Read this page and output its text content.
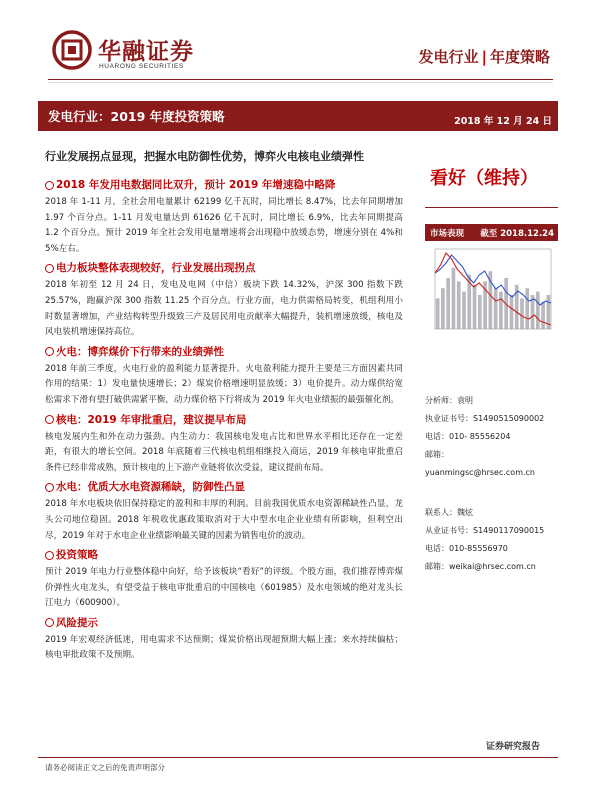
华融证券
HUARONG SECURITIES
发电行业 | 年度策略
发电行业：2019 年度投资策略	2018 年 12 月 24 日
行业发展拐点显现，把握水电防御性优势，博弈火电核电业绩弹性
2018 年发用电数据同比双升，预计 2019 年增速稳中略降

2018 年 1-11 月，全社会用电量累计 62199 亿千瓦时，同比增长 8.47%，比去年同期增加 1.97 个百分点。1-11 月发电量达到 61626 亿千瓦时，同比增长 6.9%，比去年同期提高 1.2 个百分点。预计 2019 年全社会发用电量增速将会出现稳中放缓态势，增速分别在 4%和 5%左右。

电力板块整体表现较好，行业发展出现拐点

2018 年初至 12 月 24 日，发电及电网（中信）板块下跌 14.32%，沪深 300 指数下跌 25.57%，跑赢沪深 300 指数 11.25 个百分点。行业方面，电力供需格局转变，机组利用小时数显著增加，产业结构转型升级致三产及居民用电贡献率大幅提升，装机增速放缓，核电及风电装机增速保持高位。

火电：博弈煤价下行带来的业绩弹性

2018 年前三季度，火电行业的盈利能力显著提升。火电盈利能力提升主要是三方面因素共同作用的结果：1）发电量快速增长；2）煤炭价格增速明显放缓；3）电价提升。动力煤供给宽松需求下滑有望打破供需紧平衡，动力煤价格下行将成为 2019 年火电业绩振的最强催化剂。

核电：2019 年审批重启，建议提早布局

核电发展内生和外在动力强劲。内生动力：我国核电发电占比和世界水平相比还存在一定差距，有很大的增长空间。2018 年底随着三代核电机组相继投入商运，2019 年核电审批重启条件已经非常成熟，预计核电的上下游产业链将依次受益，建议提前布局。

水电：优质大水电资源稀缺，防御性凸显

2018 年水电板块依旧保持稳定的盈利和丰厚的利润。目前我国优质水电资源稀缺性凸显，龙头公司地位稳固。2018 年税收优惠政策取消对于大中型水电企业业绩有所影响，但利空出尽，2019 年对于水电企业业绩影响最关键的因素为销售电价的波动。

投资策略

预计 2019 年电力行业整体稳中向好，给予该板块“看好”的评级。个股方面，我们推荐博弈煤价弹性火电龙头，有望受益于核电审批重启的中国核电（601985）及水电领域的绝对龙头长江电力（600900）。

风险提示

2019 年宏观经济低迷，用电需求不达预期；煤炭价格出现超预期大幅上涨；来水持续偏枯；核电审批政策不及预期。

看好（维持）
市场表现 截至 2018.12.24
分析师：袁明
执业证书号：S1490515090002
电话：010- 85556204
邮箱：
yuanmingsc@hrsec.com.cn
联系人：魏炫
从业证书号：S1490117090015
电话：010-85556970
邮箱：weikai@hrsec.com.cn
证券研究报告
请务必阅读正文之后的免责声明部分
